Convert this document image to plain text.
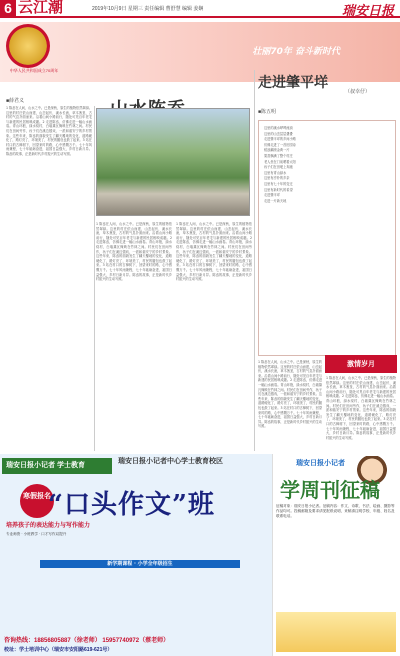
6 云江潮	2019年10月9日 星期三 责任编辑 曹舒慧 编辑 姜娴	瑞安日报
中华人民共和国成立70周年
壮丽70年 奋斗新时代
■薛君义
1 陈岙在人间，山水之中。已是深秋，原生的植物依然翠绿。这里的村庄依山而建，山峦起伏，溪水长流，草木葱茏，古村的气息扑面而来。沿着山间小路前行，随处可见百年老宅与新建的民居相映成趣。2 走进陈岙，仿佛走进一幅山水画卷。青山环抱，绿水绕村，白墙黛瓦掩映在竹林之间。村民们在田间劳作，孩子们在溪边嬉戏，一派和谐安宁的乡村景象。这些年来，陈岙的面貌发生了翻天覆地的变化，道路硬化了，路灯亮了，环境美了，村民的腰包也鼓了起来。3 站在村口的古樟树下，回望来时的路，心中感慨万千。七十年风雨兼程，七十年砥砺奋进，祖国日益强大，乡村日新月异。陈岙的故事，正是新时代乡村振兴的生动写照。
1 陈岙在人间，山水之中。已是深秋，原生的植物依然翠绿。这里的村庄依山而建，山峦起伏，溪水长流，草木葱茏，古村的气息扑面而来。沿着山间小路前行，随处可见百年老宅与新建的民居相映成趣。2 走进陈岙，仿佛走进一幅山水画卷。青山环抱，绿水绕村，白墙黛瓦掩映在竹林之间。村民们在田间劳作，孩子们在溪边嬉戏，一派和谐安宁的乡村景象。这些年来，陈岙的面貌发生了翻天覆地的变化，道路硬化了，路灯亮了，环境美了，村民的腰包也鼓了起来。3 站在村口的古樟树下，回望来时的路，心中感慨万千。七十年风雨兼程，七十年砥砺奋进，祖国日益强大，乡村日新月异。陈岙的故事，正是新时代乡村振兴的生动写照。
1 陈岙在人间，山水之中。已是深秋，原生的植物依然翠绿。这里的村庄依山而建，山峦起伏，溪水长流，草木葱茏，古村的气息扑面而来。沿着山间小路前行，随处可见百年老宅与新建的民居相映成趣。2 走进陈岙，仿佛走进一幅山水画卷。青山环抱，绿水绕村，白墙黛瓦掩映在竹林之间。村民们在田间劳作，孩子们在溪边嬉戏，一派和谐安宁的乡村景象。这些年来，陈岙的面貌发生了翻天覆地的变化，道路硬化了，路灯亮了，环境美了，村民的腰包也鼓了起来。3 站在村口的古樟树下，回望来时的路，心中感慨万千。七十年风雨兼程，七十年砥砺奋进，祖国日益强大，乡村日新月异。陈岙的故事，正是新时代乡村振兴的生动写照。
1 陈岙在人间，山水之中。已是深秋，原生的植物依然翠绿。这里的村庄依山而建，山峦起伏，溪水长流，草木葱茏，古村的气息扑面而来。沿着山间小路前行，随处可见百年老宅与新建的民居相映成趣。2 走进陈岙，仿佛走进一幅山水画卷。青山环抱，绿水绕村，白墙黛瓦掩映在竹林之间。村民们在田间劳作，孩子们在溪边嬉戏，一派和谐安宁的乡村景象。这些年来，陈岙的面貌发生了翻天覆地的变化，道路硬化了，路灯亮了，环境美了，村民的腰包也鼓了起来。3 站在村口的古樟树下，回望来时的路，心中感慨万千。七十年风雨兼程，七十年砥砺奋进，祖国日益强大，乡村日新月异。陈岙的故事，正是新时代乡村振兴的生动写照。
走进肇平垟
（叔幸仔）
■陈五明
这里的溪水哗哗流淌
这里的山峦层层叠叠
走进肇平垟的乡间小路
仿佛走进了一首田园诗
稻浪翻滚金黄一片
果香飘满了整个村庄
老人坐在门前晒着太阳
孩子们在田埂上奔跑
这里有青山绿水
这里有淳朴的乡亲
这里有七十年的变迁
这里有新时代的希望
走进肇平垟
走进一片新天地
激情岁月
1 陈岙在人间，山水之中。已是深秋，原生的植物依然翠绿。这里的村庄依山而建，山峦起伏，溪水长流，草木葱茏，古村的气息扑面而来。沿着山间小路前行，随处可见百年老宅与新建的民居相映成趣。2 走进陈岙，仿佛走进一幅山水画卷。青山环抱，绿水绕村，白墙黛瓦掩映在竹林之间。村民们在田间劳作，孩子们在溪边嬉戏，一派和谐安宁的乡村景象。这些年来，陈岙的面貌发生了翻天覆地的变化，道路硬化了，路灯亮了，环境美了，村民的腰包也鼓了起来。3 站在村口的古樟树下，回望来时的路，心中感慨万千。七十年风雨兼程，七十年砥砺奋进，祖国日益强大，乡村日新月异。陈岙的故事，正是新时代乡村振兴的生动写照。
瑞安日报小记者 学士教育
瑞安日报小记者中心学士教育校区
寒假报名
“口头作文”班
培养孩子的表达能力与写作能力
专业师资 · 小班教学 · 口才写作双提升
新学期课程 · 小学全年级招生
咨询热线：18856805887（徐老师） 15957740972（蔡老师）
校址：学士培训中心（瑞安市安阳路619-621号）
瑞安日报小记者
学周刊征稿
征稿对象：瑞安日报小记者。征稿内容：作文、诗歌、书法、绘画、摄影等作品均可。投稿邮箱及要求请见报纸说明，来稿请注明学校、年级、姓名及联系电话。
